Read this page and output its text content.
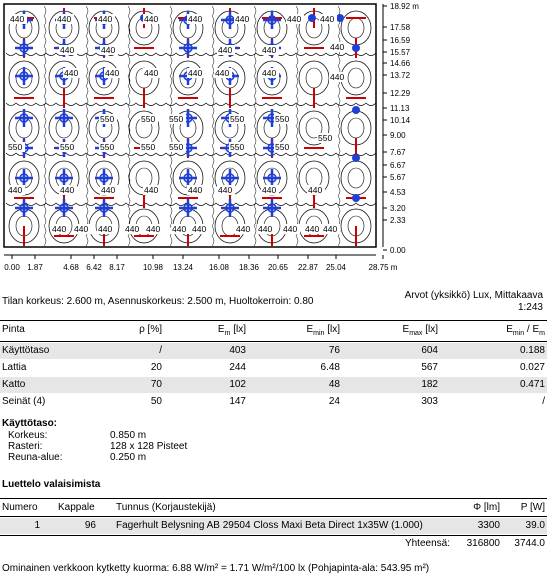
440	440	440	440	440	440	440 440
440	440	440	440	440
440	440	440	440 440	440	440
550	550 550	550	550
550	550	550	550 550	550	550
550
440	440	440	440	440 440	440	440
440 440 440 440 440 440 440	440 440 440 440 440
18.92 m
17.58
16.59
15.57
14.66
13.72
12.29
11.13
10.14
9.00
7.67
6.67
5.67
4.53
3.20
2.33
0.00
0.00 1.87	4.68 6.42 8.17 10.98 13.24 16.08 18.36 20.65 22.87 25.04	28.75 m
Tilan korkeus: 2.600 m, Asennuskorkeus: 2.500 m, Huoltokerroin: 0.80
Arvot (yksikkö) Lux, Mittakaava
1:243
Pinta	ρ [%]	$E_m$ [lx]	$E_{min}$ [lx]	$E_{max}$ [lx]	$E_{min} / E_m$
Käyttötaso	/	403	76	604	0.188
Lattia	20	244	6.48	567	0.027
Katto	70	102	48	182	0.471
Seinät (4)	50	147	24	303	/
Käyttötaso:
Korkeus:	0.850 m
Rasteri:	128 x 128 Pisteet
Reuna-alue:	0.250 m
Luettelo valaisimista
Numero Kappale Tunnus (Korjaustekijä)	Φ [lm]	P [W]
1	96 Fagerhult Belysning AB 29504 Closs Maxi Beta Direct 1x35W (1.000)	3300	39.0
Yhteensä:	316800	3744.0
Ominainen verkkoon kytketty kuorma: 6.88 W/m² = 1.71 W/m²/100 lx (Pohjapinta-ala: 543.95 m²)
